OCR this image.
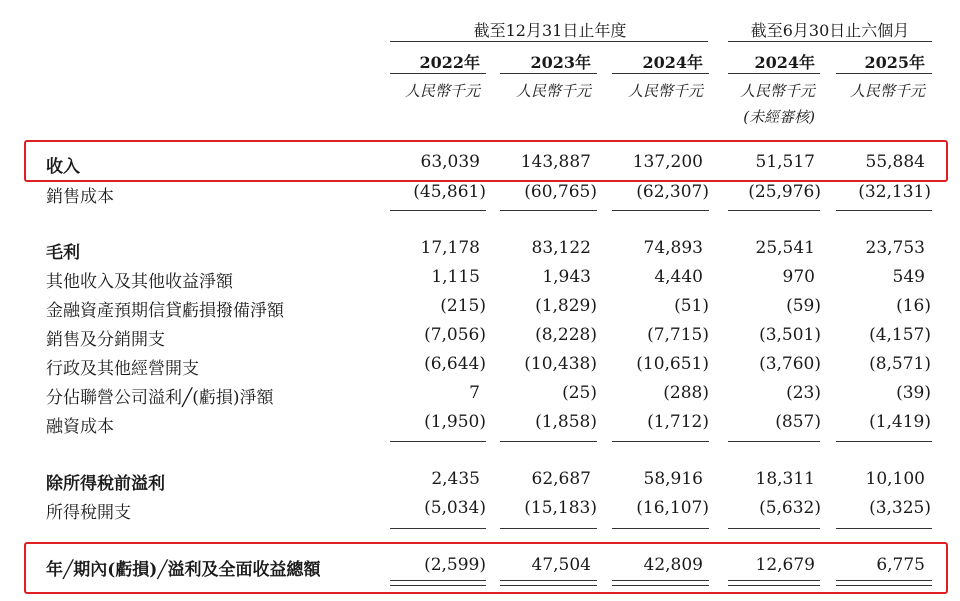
截至12月31日止年度	截至6月30日止六個月
2022年	2023年	2024年	2024年	2025年
人民幣千元 人民幣千元 人民幣千元 人民幣千元 人民幣千元
(未經審核)
收入	63,039 143,887 137,200	51,517	55,884
銷售成本	(45,861) (60,765) (62,307) (25,976) (32,131)
毛利	17,178	83,122	74,893	25,541	23,753
其他收入及其他收益淨額	1,115	1,943	4,440	970	549
金融資產預期信貸虧損撥備淨額	(215)	(1,829)	(51)	(59)	(16)
銷售及分銷開支	(7,056)	(8,228)	(7,715)	(3,501)	(4,157)
行政及其他經營開支	(6,644) (10,438) (10,651)	(3,760)	(8,571)
分佔聯營公司溢利╱(虧損)淨額	7	(25)	(288)	(23)	(39)
融資成本	(1,950)	(1,858)	(1,712)	(857)	(1,419)
除所得稅前溢利	2,435	62,687	58,916	18,311	10,100
所得稅開支	(5,034) (15,183) (16,107)	(5,632)	(3,325)
年╱期內(虧損)╱溢利及全面收益總額	(2,599)	47,504	42,809	12,679	6,775
